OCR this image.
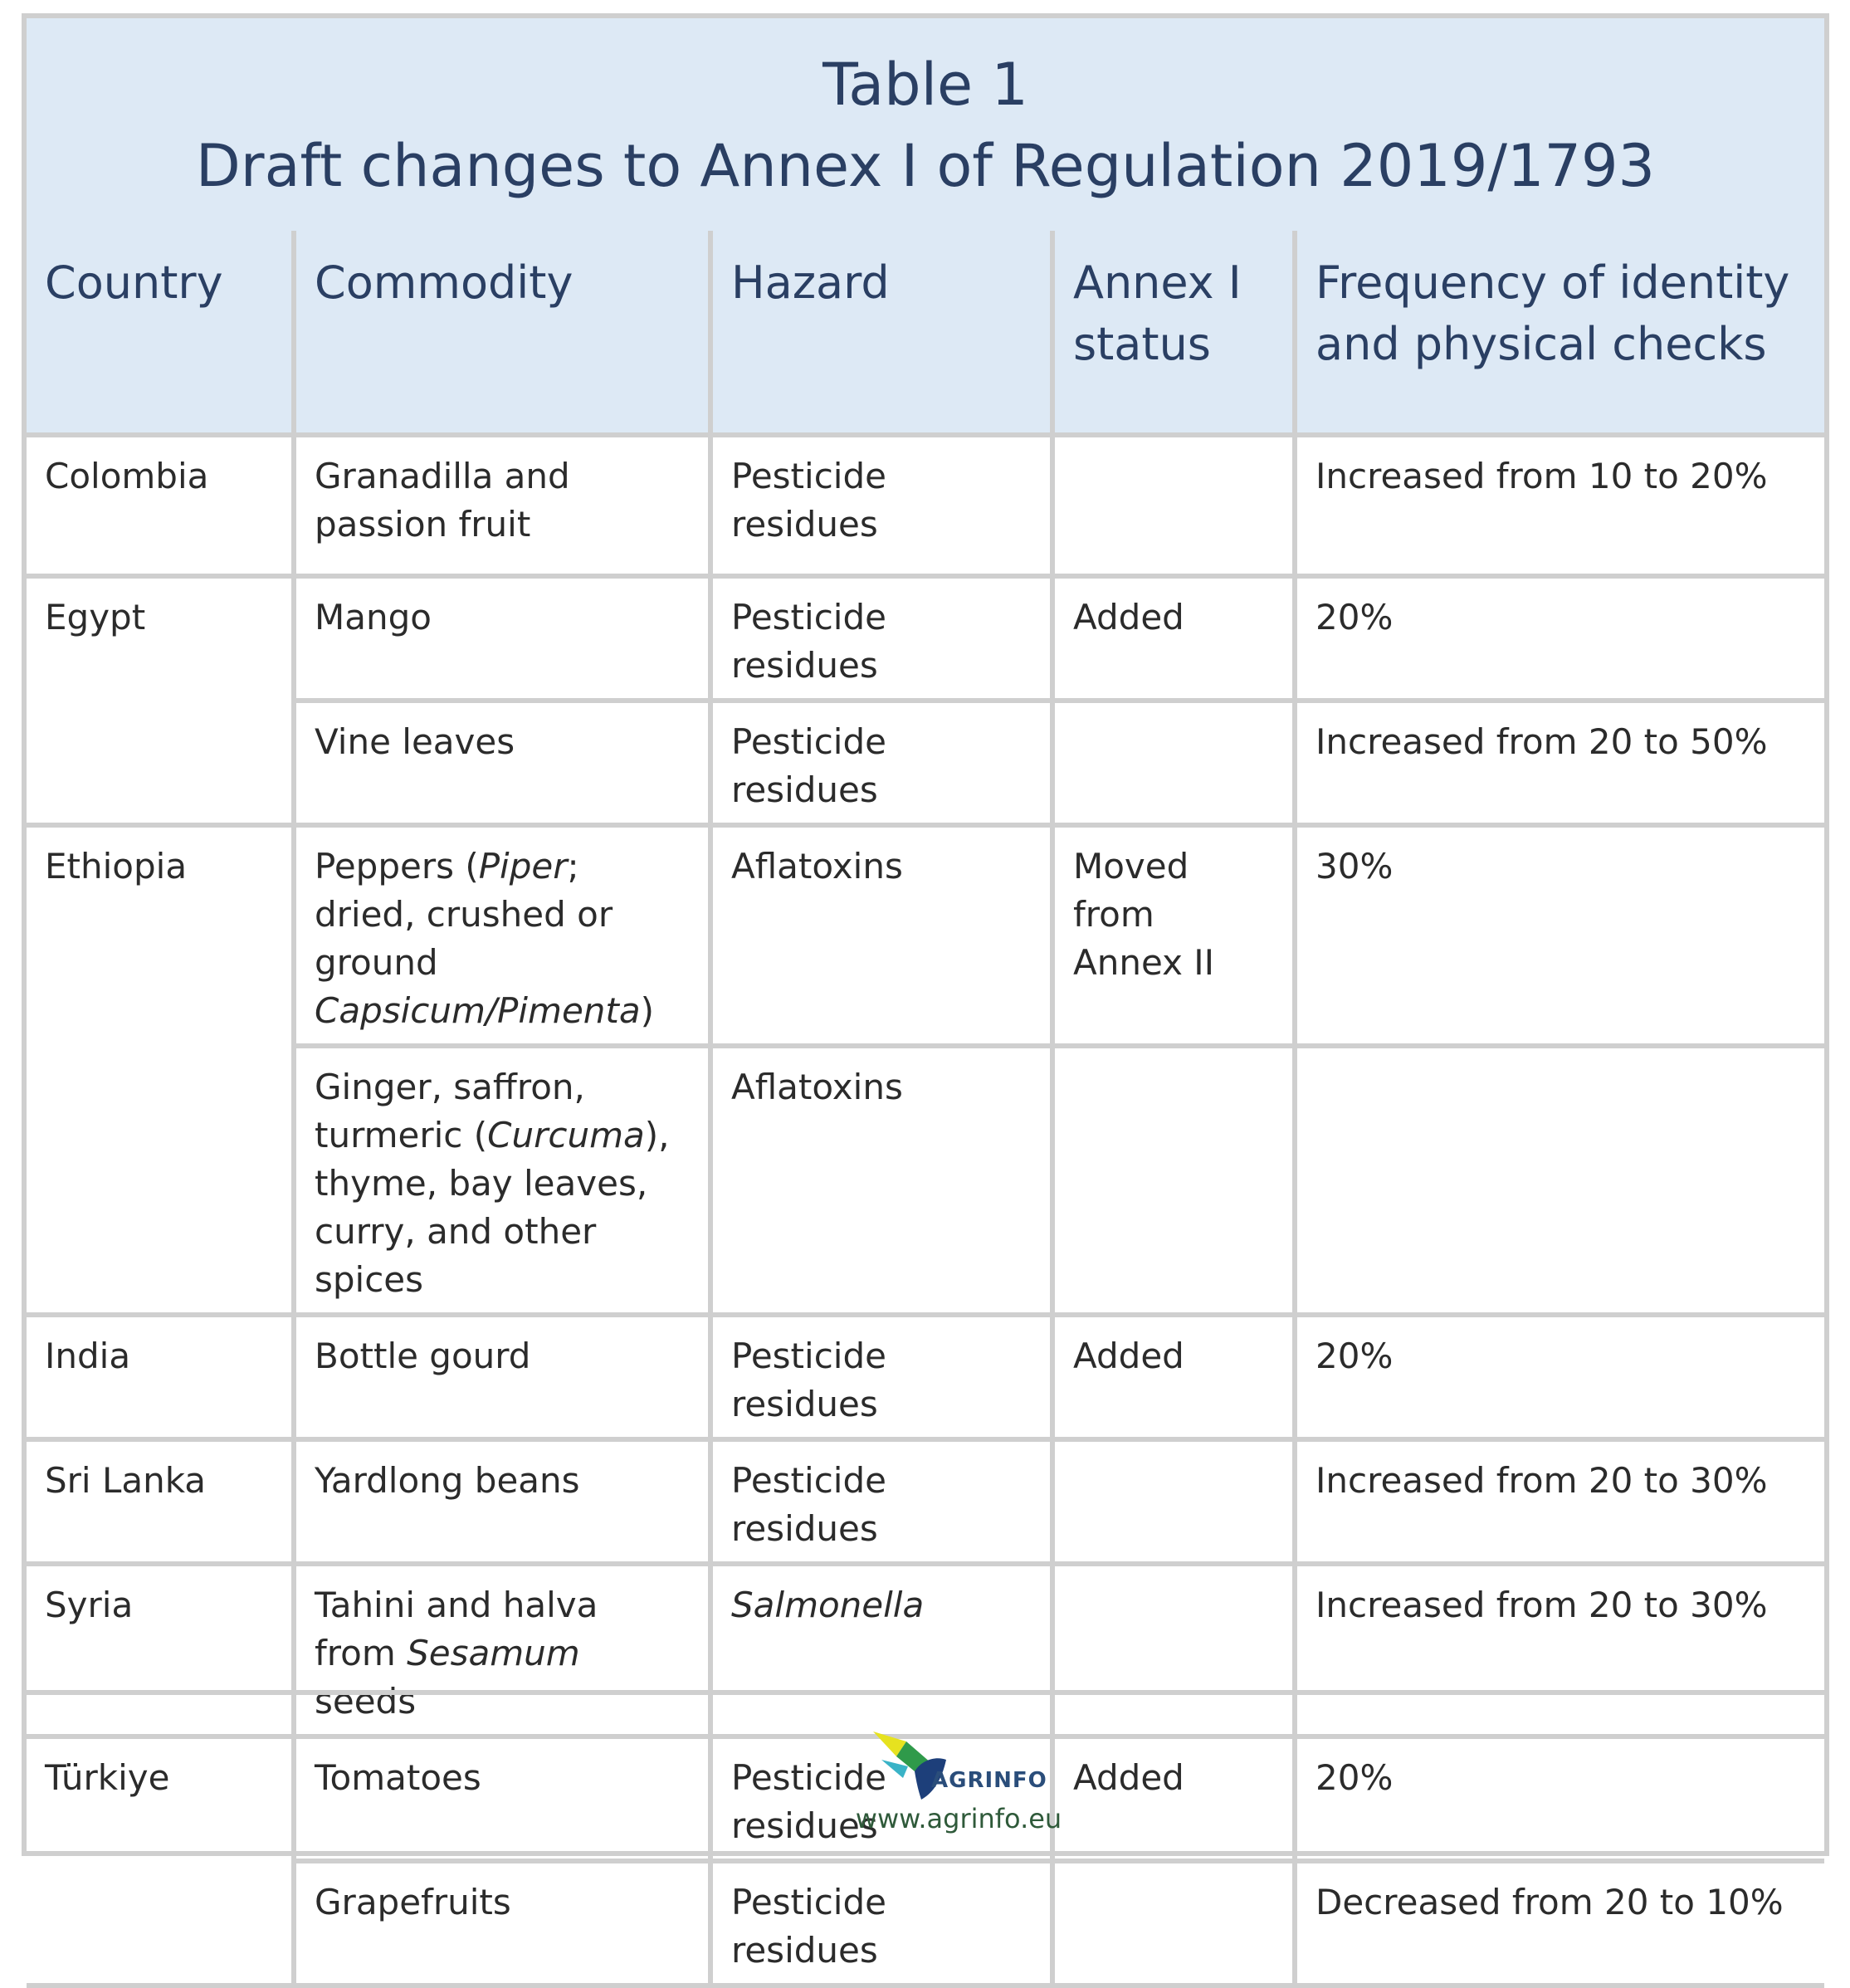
Table 1
Draft changes to Annex I of Regulation 2019/1793
Country	Commodity	Hazard	Annex I status	Frequency of identity and physical checks
Colombia	Granadilla and passion fruit	Pesticide residues		Increased from 10 to 20%
Egypt	Mango	Pesticide residues	Added	20%
	Vine leaves	Pesticide residues		Increased from 20 to 50%
Ethiopia	Peppers (Piper; dried, crushed or ground Capsicum/Pimenta)	Aflatoxins	Moved from Annex II	30%
	Ginger, saffron, turmeric (Curcuma), thyme, bay leaves, curry, and other spices	Aflatoxins		
India	Bottle gourd	Pesticide residues	Added	20%
Sri Lanka	Yardlong beans	Pesticide residues		Increased from 20 to 30%
Syria	Tahini and halva from Sesamum seeds	Salmonella		Increased from 20 to 30%
Türkiye	Tomatoes	Pesticide residues	Added	20%
	Grapefruits	Pesticide residues		Decreased from 20 to 10%
AGRINFO
www.agrinfo.eu
